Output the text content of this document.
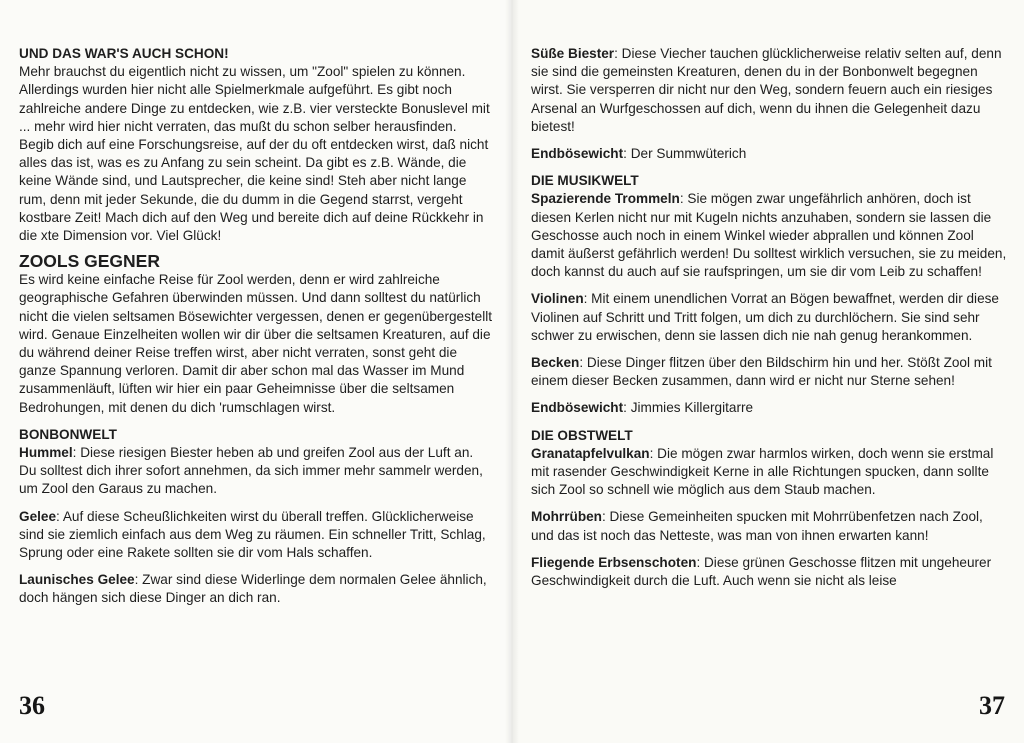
UND DAS WAR'S AUCH SCHON!

Mehr brauchst du eigentlich nicht zu wissen, um "Zool" spielen zu können. Allerdings wurden hier nicht alle Spielmerkmale aufgeführt. Es gibt noch zahlreiche andere Dinge zu entdecken, wie z.B. vier versteckte Bonuslevel mit ... mehr wird hier nicht verraten, das mußt du schon selber herausfinden. Begib dich auf eine Forschungsreise, auf der du oft entdecken wirst, daß nicht alles das ist, was es zu Anfang zu sein scheint. Da gibt es z.B. Wände, die keine Wände sind, und Lautsprecher, die keine sind! Steh aber nicht lange rum, denn mit jeder Sekunde, die du dumm in die Gegend starrst, vergeht kostbare Zeit! Mach dich auf den Weg und bereite dich auf deine Rückkehr in die xte Dimension vor. Viel Glück!

ZOOLS GEGNER

Es wird keine einfache Reise für Zool werden, denn er wird zahlreiche geographische Gefahren überwinden müssen. Und dann solltest du natürlich nicht die vielen seltsamen Bösewichter vergessen, denen er gegenübergestellt wird. Genaue Einzelheiten wollen wir dir über die seltsamen Kreaturen, auf die du während deiner Reise treffen wirst, aber nicht verraten, sonst geht die ganze Spannung verloren. Damit dir aber schon mal das Wasser im Mund zusammenläuft, lüften wir hier ein paar Geheimnisse über die seltsamen Bedrohungen, mit denen du dich 'rumschlagen wirst.

BONBONWELT

Hummel: Diese riesigen Biester heben ab und greifen Zool aus der Luft an. Du solltest dich ihrer sofort annehmen, da sich immer mehr sammelr werden, um Zool den Garaus zu machen.

Gelee: Auf diese Scheußlichkeiten wirst du überall treffen. Glücklicherweise sind sie ziemlich einfach aus dem Weg zu räumen. Ein schneller Tritt, Schlag, Sprung oder eine Rakete sollten sie dir vom Hals schaffen.

Launisches Gelee: Zwar sind diese Widerlinge dem normalen Gelee ähnlich, doch hängen sich diese Dinger an dich ran.

36

Süße Biester: Diese Viecher tauchen glücklicherweise relativ selten auf, denn sie sind die gemeinsten Kreaturen, denen du in der Bonbonwelt begegnen wirst. Sie versperren dir nicht nur den Weg, sondern feuern auch ein riesiges Arsenal an Wurfgeschossen auf dich, wenn du ihnen die Gelegenheit dazu bietest!

Endbösewicht: Der Summwüterich

DIE MUSIKWELT

Spazierende Trommeln: Sie mögen zwar ungefährlich anhören, doch ist diesen Kerlen nicht nur mit Kugeln nichts anzuhaben, sondern sie lassen die Geschosse auch noch in einem Winkel wieder abprallen und können Zool damit äußerst gefährlich werden! Du solltest wirklich versuchen, sie zu meiden, doch kannst du auch auf sie raufspringen, um sie dir vom Leib zu schaffen!

Violinen: Mit einem unendlichen Vorrat an Bögen bewaffnet, werden dir diese Violinen auf Schritt und Tritt folgen, um dich zu durchlöchern. Sie sind sehr schwer zu erwischen, denn sie lassen dich nie nah genug herankommen.

Becken: Diese Dinger flitzen über den Bildschirm hin und her. Stößt Zool mit einem dieser Becken zusammen, dann wird er nicht nur Sterne sehen!

Endbösewicht: Jimmies Killergitarre

DIE OBSTWELT

Granatapfelvulkan: Die mögen zwar harmlos wirken, doch wenn sie erstmal mit rasender Geschwindigkeit Kerne in alle Richtungen spucken, dann sollte sich Zool so schnell wie möglich aus dem Staub machen.

Mohrrüben: Diese Gemeinheiten spucken mit Mohrrübenfetzen nach Zool, und das ist noch das Netteste, was man von ihnen erwarten kann!

Fliegende Erbsenschoten: Diese grünen Geschosse flitzen mit ungeheurer Geschwindigkeit durch die Luft. Auch wenn sie nicht als leise

37
